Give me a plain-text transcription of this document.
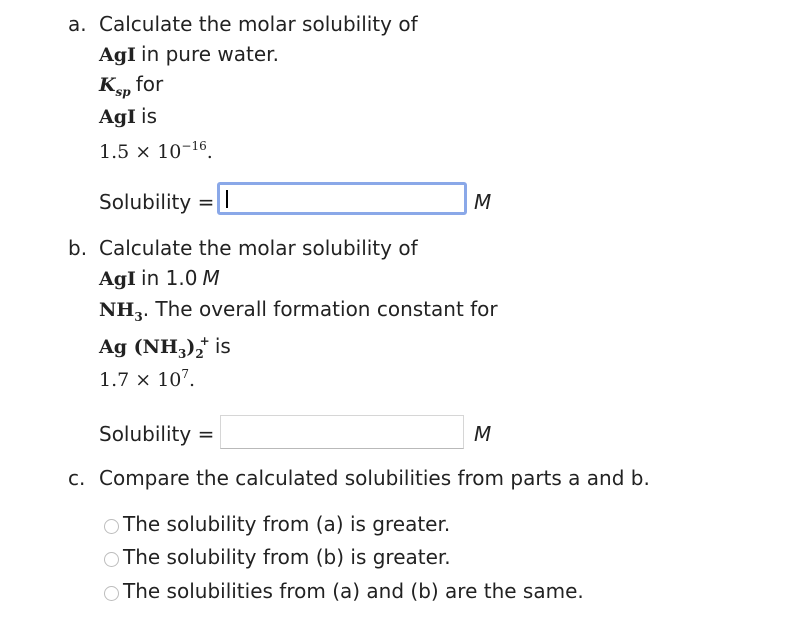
a. Calculate the molar solubility of
AgI in pure water.
$K_{sp}$ for
AgI is
$1.5 \times 10^{-16}$.
Solubility =	M
b. Calculate the molar solubility of
AgI in 1.0 M
$NH_3$. The overall formation constant for
Ag $(NH_3)_2^+$ is
$1.7 \times 10^7$.
Solubility =	M
c. Compare the calculated solubilities from parts a and b.
The solubility from (a) is greater.
The solubility from (b) is greater.
The solubilities from (a) and (b) are the same.
